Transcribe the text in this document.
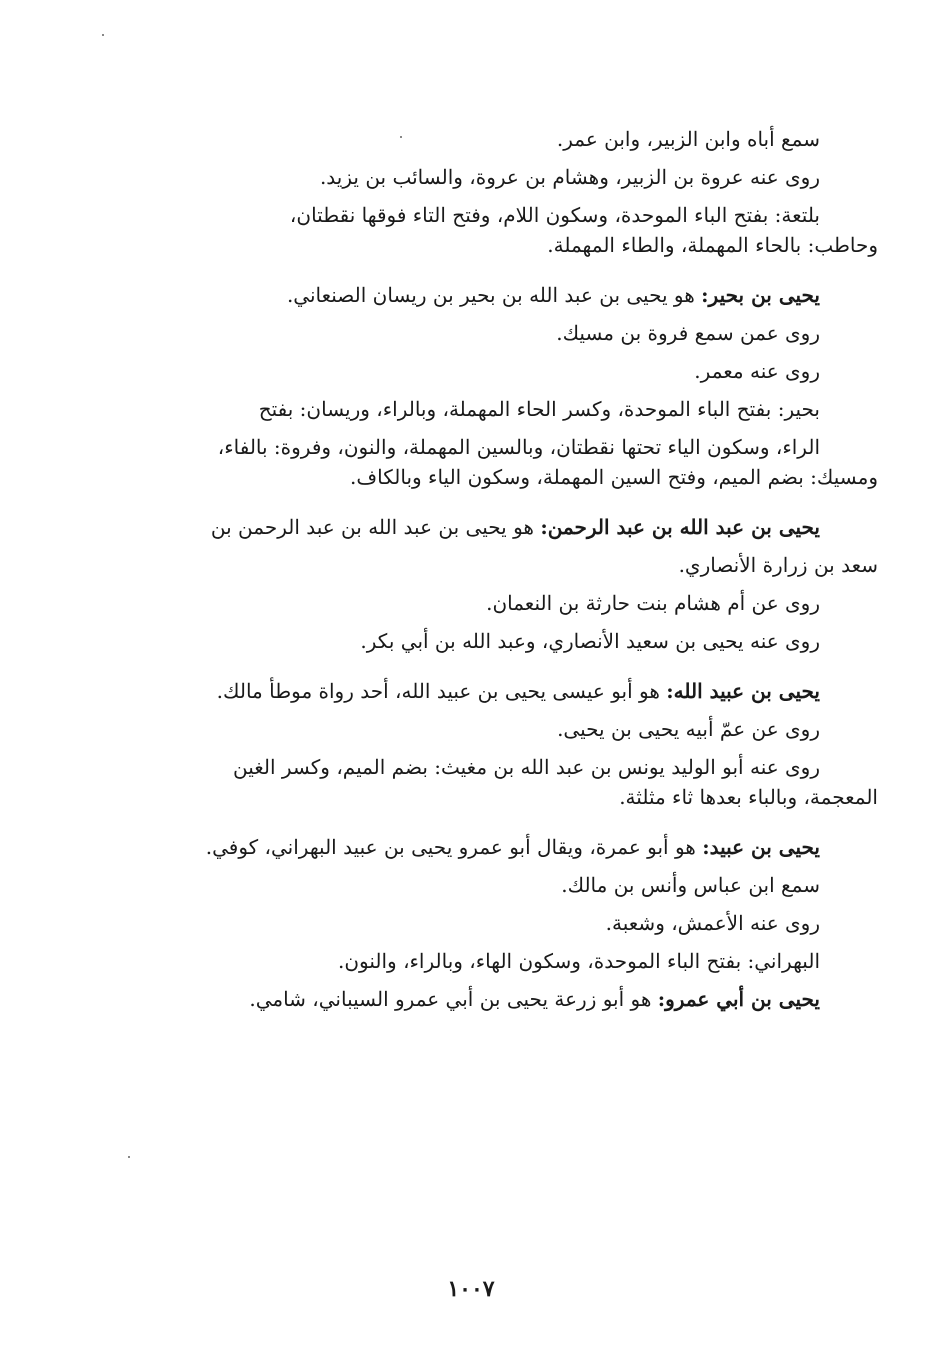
سمع أباه وابن الزبير، وابن عمر.

روى عنه عروة بن الزبير، وهشام بن عروة، والسائب بن يزيد.

بلتعة: بفتح الباء الموحدة، وسكون اللام، وفتح التاء فوقها نقطتان،

وحاطب: بالحاء المهملة، والطاء المهملة.

يحيى بن بحير: هو يحيى بن عبد الله بن بحير بن ريسان الصنعاني.

روى عمن سمع فروة بن مسيك.

روى عنه معمر.

بحير: بفتح الباء الموحدة، وكسر الحاء المهملة، وبالراء، وريسان: بفتح

الراء، وسكون الياء تحتها نقطتان، وبالسين المهملة، والنون، وفروة: بالفاء،

ومسيك: بضم الميم، وفتح السين المهملة، وسكون الياء وبالكاف.

يحيى بن عبد الله بن عبد الرحمن: هو يحيى بن عبد الله بن عبد الرحمن بن

سعد بن زرارة الأنصاري.

روى عن أم هشام بنت حارثة بن النعمان.

روى عنه يحيى بن سعيد الأنصاري، وعبد الله بن أبي بكر.

يحيى بن عبيد الله: هو أبو عيسى يحيى بن عبيد الله، أحد رواة موطأ مالك.

روى عن عمّ أبيه يحيى بن يحيى.

روى عنه أبو الوليد يونس بن عبد الله بن مغيث: بضم الميم، وكسر الغين

المعجمة، وبالباء بعدها ثاء مثلثة.

يحيى بن عبيد: هو أبو عمرة، ويقال أبو عمرو يحيى بن عبيد البهراني، كوفي.

سمع ابن عباس وأنس بن مالك.

روى عنه الأعمش، وشعبة.

البهراني: بفتح الباء الموحدة، وسكون الهاء، وبالراء، والنون.

يحيى بن أبي عمرو: هو أبو زرعة يحيى بن أبي عمرو السيباني، شامي.

١٠٠٧
